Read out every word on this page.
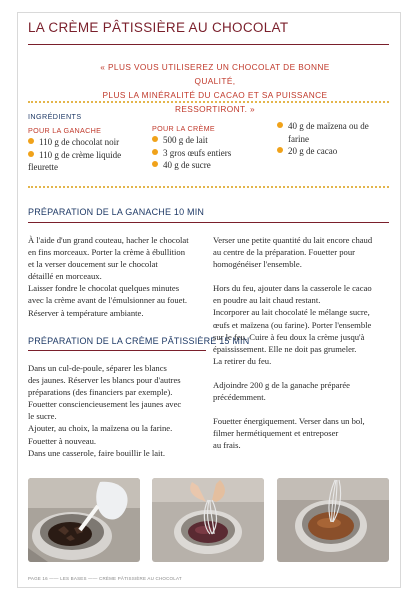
LA CRÈME PÂTISSIÈRE AU CHOCOLAT
« PLUS VOUS UTILISEREZ UN CHOCOLAT DE BONNE QUALITÉ,
PLUS LA MINÉRALITÉ DU CACAO ET SA PUISSANCE
RESSORTIRONT. »
INGRÉDIENTS
POUR LA GANACHE
110 g de chocolat noir
110 g de crème liquide
fleurette
POUR LA CRÈME
500 g de lait
3 gros œufs entiers
40 g de sucre
40 g de maïzena ou de
farine
20 g de cacao
PRÉPARATION DE LA GANACHE 10 MIN

À l'aide d'un grand couteau, hacher le chocolat

en fins morceaux. Porter la crème à ébullition

et la verser doucement sur le chocolat

détaillé en morceaux.

Laisser fondre le chocolat quelques minutes

avec la crème avant de l'émulsionner au fouet.

Réserver à température ambiante.

PRÉPARATION DE LA CRÈME PÂTISSIÈRE 15 MIN

Dans un cul-de-poule, séparer les blancs

des jaunes. Réserver les blancs pour d'autres

préparations (des financiers par exemple).

Fouetter consciencieusement les jaunes avec

le sucre.

Ajouter, au choix, la maïzena ou la farine.

Fouetter à nouveau.

Dans une casserole, faire bouillir le lait.

Verser une petite quantité du lait encore chaud

au centre de la préparation. Fouetter pour

homogénéiser l'ensemble.

Hors du feu, ajouter dans la casserole le cacao

en poudre au lait chaud restant.

Incorporer au lait chocolaté le mélange sucre,

œufs et maïzena (ou farine). Porter l'ensemble

sur le feu. Cuire à feu doux la crème jusqu'à

épaississement. Elle ne doit pas grumeler.

La retirer du feu.

Adjoindre 200 g de la ganache préparée

précédemment.

Fouetter énergiquement. Verser dans un bol,

filmer hermétiquement et entreposer

au frais.

PAGE 16 —— LES BASES —— CRÈME PÂTISSIÈRE AU CHOCOLAT
